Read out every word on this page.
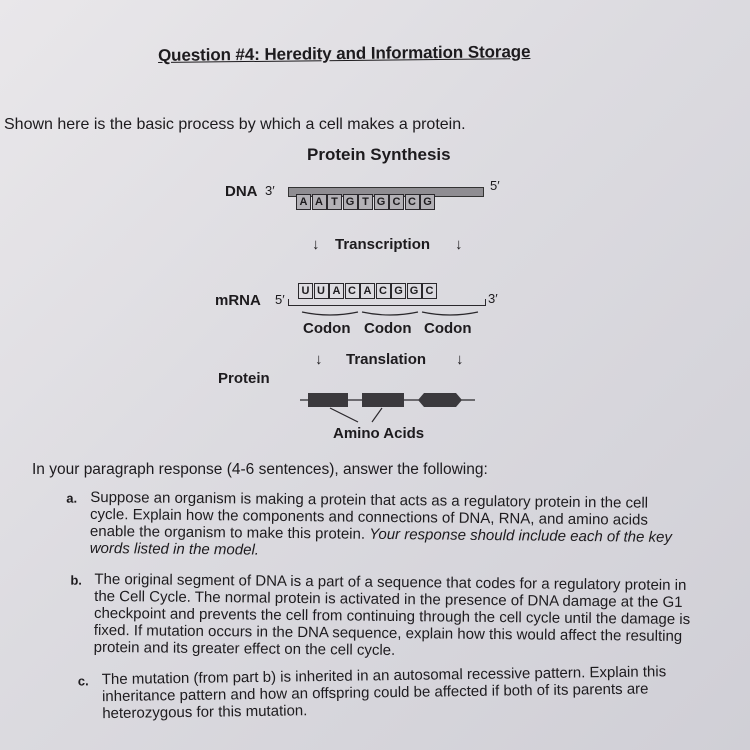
Question #4: Heredity and Information Storage
Shown here is the basic process by which a cell makes a protein.
Protein Synthesis
DNA 3′	5′
A A T G T G C C G
↓ Transcription ↓
mRNA 5′	3′
U U A C A C G G C
Codon Codon Codon
↓ Translation ↓
Protein
Amino Acids
In your paragraph response (4-6 sentences), answer the following:
a. Suppose an organism is making a protein that acts as a regulatory protein in the cell cycle. Explain how the components and connections of DNA, RNA, and amino acids enable the organism to make this protein. Your response should include each of the key words listed in the model.
b. The original segment of DNA is a part of a sequence that codes for a regulatory protein in the Cell Cycle. The normal protein is activated in the presence of DNA damage at the G1 checkpoint and prevents the cell from continuing through the cell cycle until the damage is fixed. If mutation occurs in the DNA sequence, explain how this would affect the resulting protein and its greater effect on the cell cycle.
c. The mutation (from part b) is inherited in an autosomal recessive pattern. Explain this inheritance pattern and how an offspring could be affected if both of its parents are heterozygous for this mutation.
